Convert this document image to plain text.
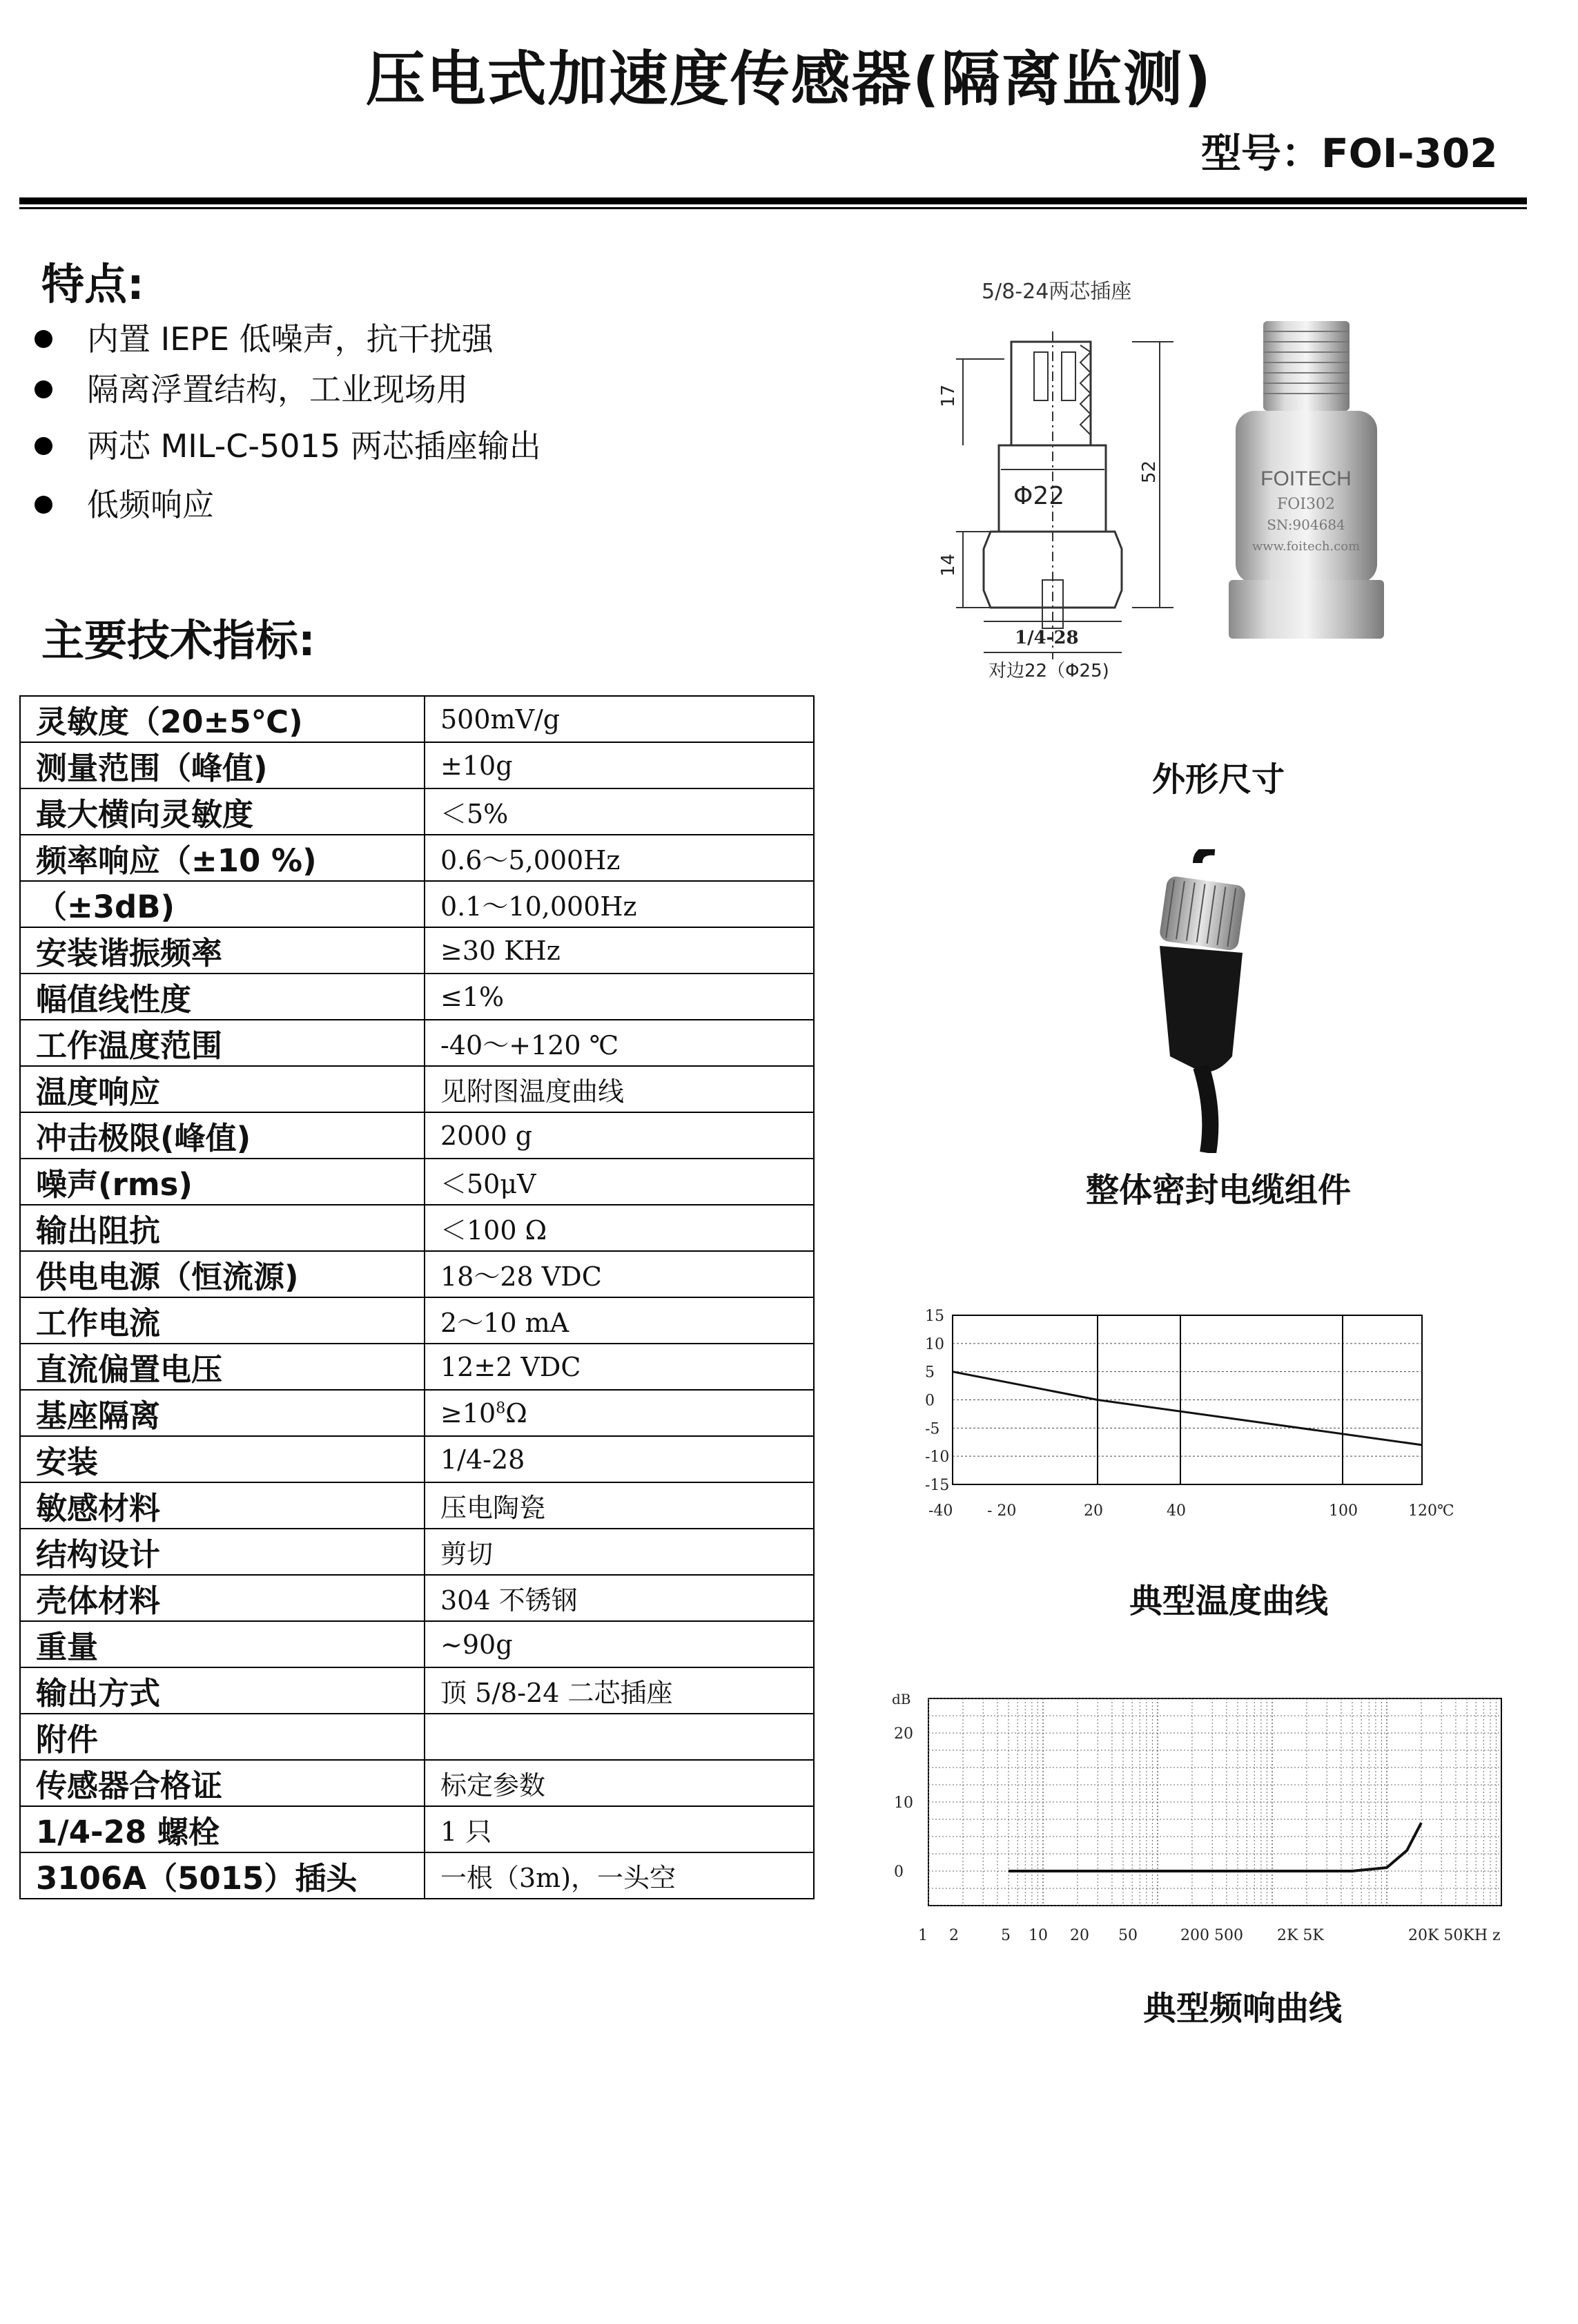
压电式加速度传感器(隔离监测)
型号：FOI-302
特点:
内置 IEPE 低噪声，抗干扰强
隔离浮置结构，工业现场用
两芯 MIL-C-5015 两芯插座输出
低频响应
主要技术指标:
灵敏度（20±5℃)	500mV/g
测量范围（峰值)	±10g
最大横向灵敏度	＜5%
频率响应（±10 %)	0.6～5,000Hz
（±3dB)	0.1～10,000Hz
安装谐振频率	≥30 KHz
幅值线性度	≤1%
工作温度范围	-40～+120 ℃
温度响应	见附图温度曲线
冲击极限(峰值)	2000 g
噪声(rms)	＜50μV
输出阻抗	＜100 Ω
供电电源（恒流源)	18～28 VDC
工作电流	2～10 mA
直流偏置电压	12±2 VDC
基座隔离	$\ge 10^8\Omega$
安装	1/4-28
敏感材料	压电陶瓷
结构设计	剪切
壳体材料	304 不锈钢
重量	~90g
输出方式	顶 5/8-24 二芯插座
附件	
传感器合格证	标定参数
1/4-28 螺栓	1 只
3106A（5015）插头	一根（3m)，一头空
5/8-24两芯插座
Φ22
17
14
52
1/4-28
对边22（Φ25)
FOITECH
FOI302
SN:904684
www.foitech.com
外形尺寸
整体密封电缆组件
15
10
5
0
-5
-10
-15
-40 - 20	20	40	100	120℃
典型温度曲线
dB
20
10
0
1 2	5 10 20 50	200 500 2K 5K	20K 50KH z
典型频响曲线
